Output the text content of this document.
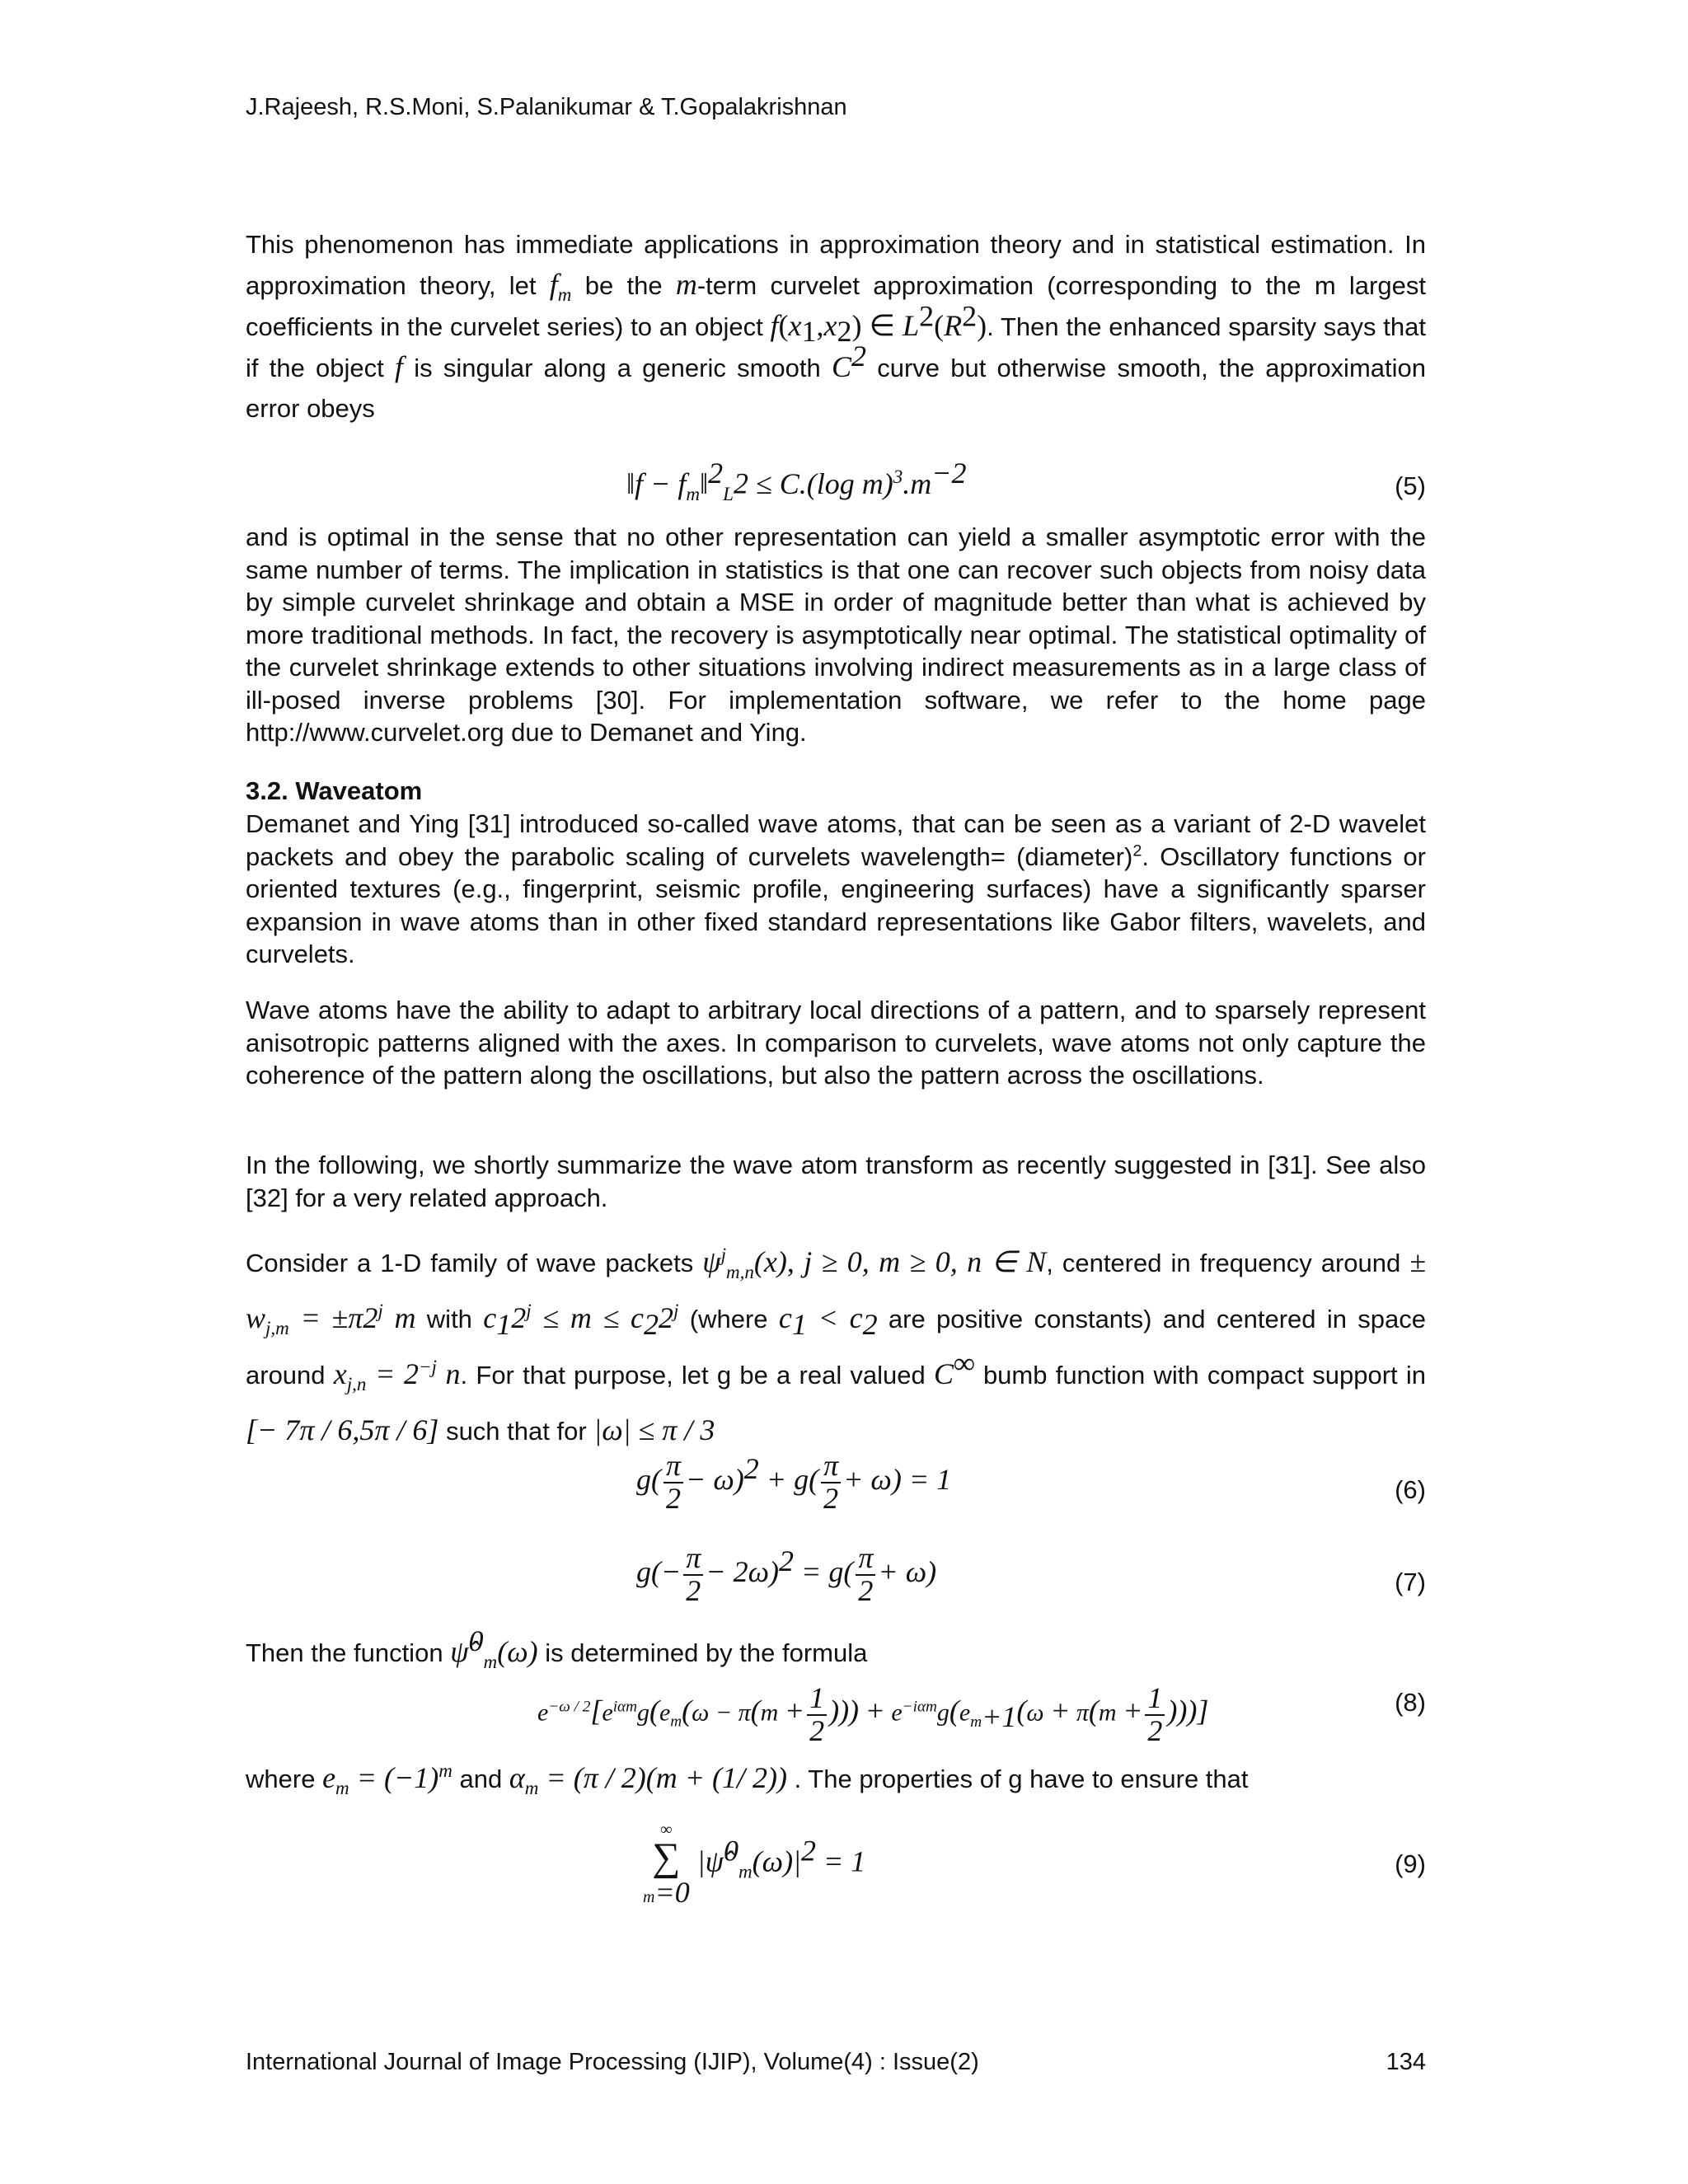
J.Rajeesh, R.S.Moni, S.Palanikumar & T.Gopalakrishnan
This phenomenon has immediate applications in approximation theory and in statistical estimation. In approximation theory, let $f_m$ be the m-term curvelet approximation (corresponding to the m largest coefficients in the curvelet series) to an object $f(x_1,x_2)$ ∈ $L^2(R^2)$. Then the enhanced sparsity says that if the object f is singular along a generic smooth $C^2$ curve but otherwise smooth, the approximation error obeys
‖f − $f_m‖^2_{L^2} \le C.(\log$ $m)^3.m^{-2}$	(5)
and is optimal in the sense that no other representation can yield a smaller asymptotic error with the same number of terms. The implication in statistics is that one can recover such objects from noisy data by simple curvelet shrinkage and obtain a MSE in order of magnitude better than what is achieved by more traditional methods. In fact, the recovery is asymptotically near optimal. The statistical optimality of the curvelet shrinkage extends to other situations involving indirect measurements as in a large class of ill-posed inverse problems [30]. For implementation software, we refer to the home page http://www.curvelet.org due to Demanet and Ying.
3.2. Waveatom
Demanet and Ying [31] introduced so-called wave atoms, that can be seen as a variant of 2-D wavelet packets and obey the parabolic scaling of curvelets wavelength= (diameter)$^2$. Oscillatory functions or oriented textures (e.g., fingerprint, seismic profile, engineering surfaces) have a significantly sparser expansion in wave atoms than in other fixed standard representations like Gabor filters, wavelets, and curvelets.
Wave atoms have the ability to adapt to arbitrary local directions of a pattern, and to sparsely represent anisotropic patterns aligned with the axes. In comparison to curvelets, wave atoms not only capture the coherence of the pattern along the oscillations, but also the pattern across the oscillations.
In the following, we shortly summarize the wave atom transform as recently suggested in [31]. See also [32] for a very related approach.
Consider a 1-D family of wave packets $\psi^j_{m,n}(x)$, j ≥ 0, m ≥ 0, n ∈ N, centered in frequency around ± $w_{j,m} = \pm\pi 2^j$ m with $c_12^j \le m \le c_22^j$ (where $c_1 < c_2$ are positive constants) and centered in space around $x_{j,n} = 2^{-j}$ n. For that purpose, let g be a real valued C∞ bumb function with compact support in [− 7π / 6,5π / 6] such that for |ω| ≤ π / 3
$g( \frac{\pi}{2} - \omega)^2 + g( \frac{\pi}{2} + \omega) = 1$	(6)
$g(- \frac{\pi}{2} - 2\omega)^2 = g( \frac{\pi}{2} + \omega)$	(7)
Then the function ψ̂$^0_m$(ω) is determined by the formula
$e^{-\omega / 2}[e^{i\alpha m}g(e_m(\omega - \pi(m + \frac{1}{2}$ ))) + $e^{-i\alpha m}g(e_{m+1}(\omega + \pi(m + \frac{1}{2}$ )))]	(8)
where $e_m = (-1)^m$ and $\alpha_m = (\pi / 2)(m + (1/$ 2)) . The properties of g have to ensure that
∞
∑
m=0
$|\psî^0_m(\omega)|^2 = 1$	(9)
International Journal of Image Processing (IJIP), Volume(4) : Issue(2)	134
